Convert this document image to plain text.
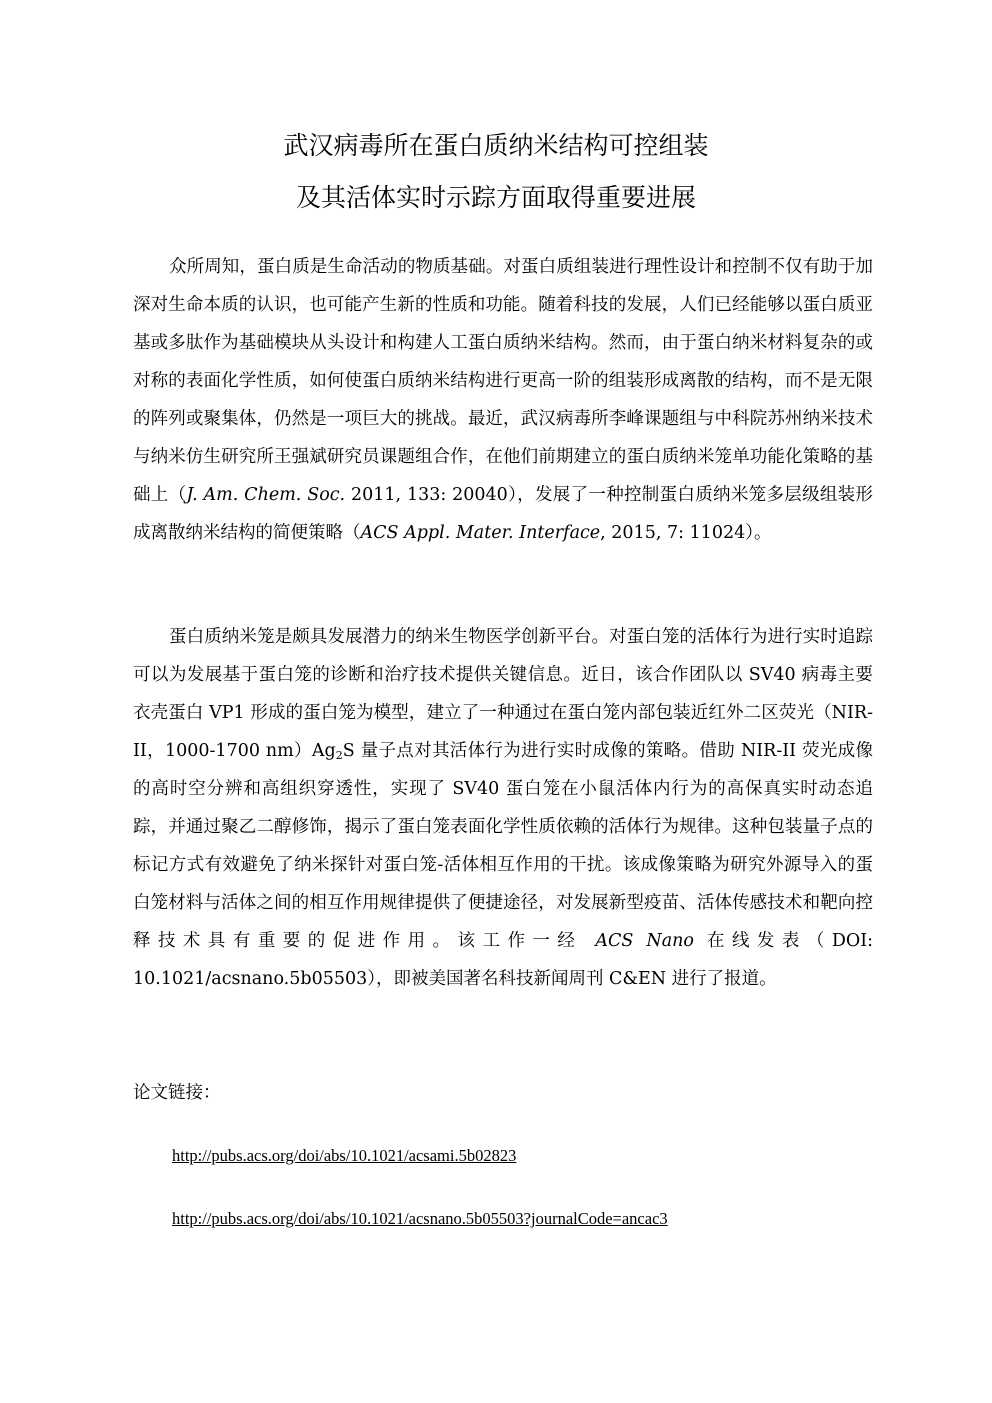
武汉病毒所在蛋白质纳米结构可控组装
及其活体实时示踪方面取得重要进展

众所周知，蛋白质是生命活动的物质基础。对蛋白质组装进行理性设计和控制不仅有助于加深对生命本质的认识，也可能产生新的性质和功能。随着科技的发展，人们已经能够以蛋白质亚基或多肽作为基础模块从头设计和构建人工蛋白质纳米结构。然而，由于蛋白纳米材料复杂的或对称的表面化学性质，如何使蛋白质纳米结构进行更高一阶的组装形成离散的结构，而不是无限的阵列或聚集体，仍然是一项巨大的挑战。最近，武汉病毒所李峰课题组与中科院苏州纳米技术与纳米仿生研究所王强斌研究员课题组合作，在他们前期建立的蛋白质纳米笼单功能化策略的基础上（J. Am. Chem. Soc. 2011, 133: 20040），发展了一种控制蛋白质纳米笼多层级组装形成离散纳米结构的简便策略（ACS Appl. Mater. Interface, 2015, 7: 11024）。

蛋白质纳米笼是颇具发展潜力的纳米生物医学创新平台。对蛋白笼的活体行为进行实时追踪可以为发展基于蛋白笼的诊断和治疗技术提供关键信息。近日，该合作团队以 SV40 病毒主要衣壳蛋白 VP1 形成的蛋白笼为模型，建立了一种通过在蛋白笼内部包装近红外二区荧光（NIR-II，1000-1700 $nm)Ag_2S$ 量子点对其活体行为进行实时成像的策略。借助 NIR-II 荧光成像的高时空分辨和高组织穿透性，实现了 SV40 蛋白笼在小鼠活体内行为的高保真实时动态追踪，并通过聚乙二醇修饰，揭示了蛋白笼表面化学性质依赖的活体行为规律。这种包装量子点的标记方式有效避免了纳米探针对蛋白笼-活体相互作用的干扰。该成像策略为研究外源导入的蛋白笼材料与活体之间的相互作用规律提供了便捷途径，对发展新型疫苗、活体传感技术和靶向控释技术具有重要的促进作用。该工作一经 ACS Nano 在线发表（DOI: 10.1021/acsnano.5b05503），即被美国著名科技新闻周刊 C&EN 进行了报道。

论文链接：

http://pubs.acs.org/doi/abs/10.1021/acsami.5b02823
http://pubs.acs.org/doi/abs/10.1021/acsnano.5b05503?journalCode=ancac3
